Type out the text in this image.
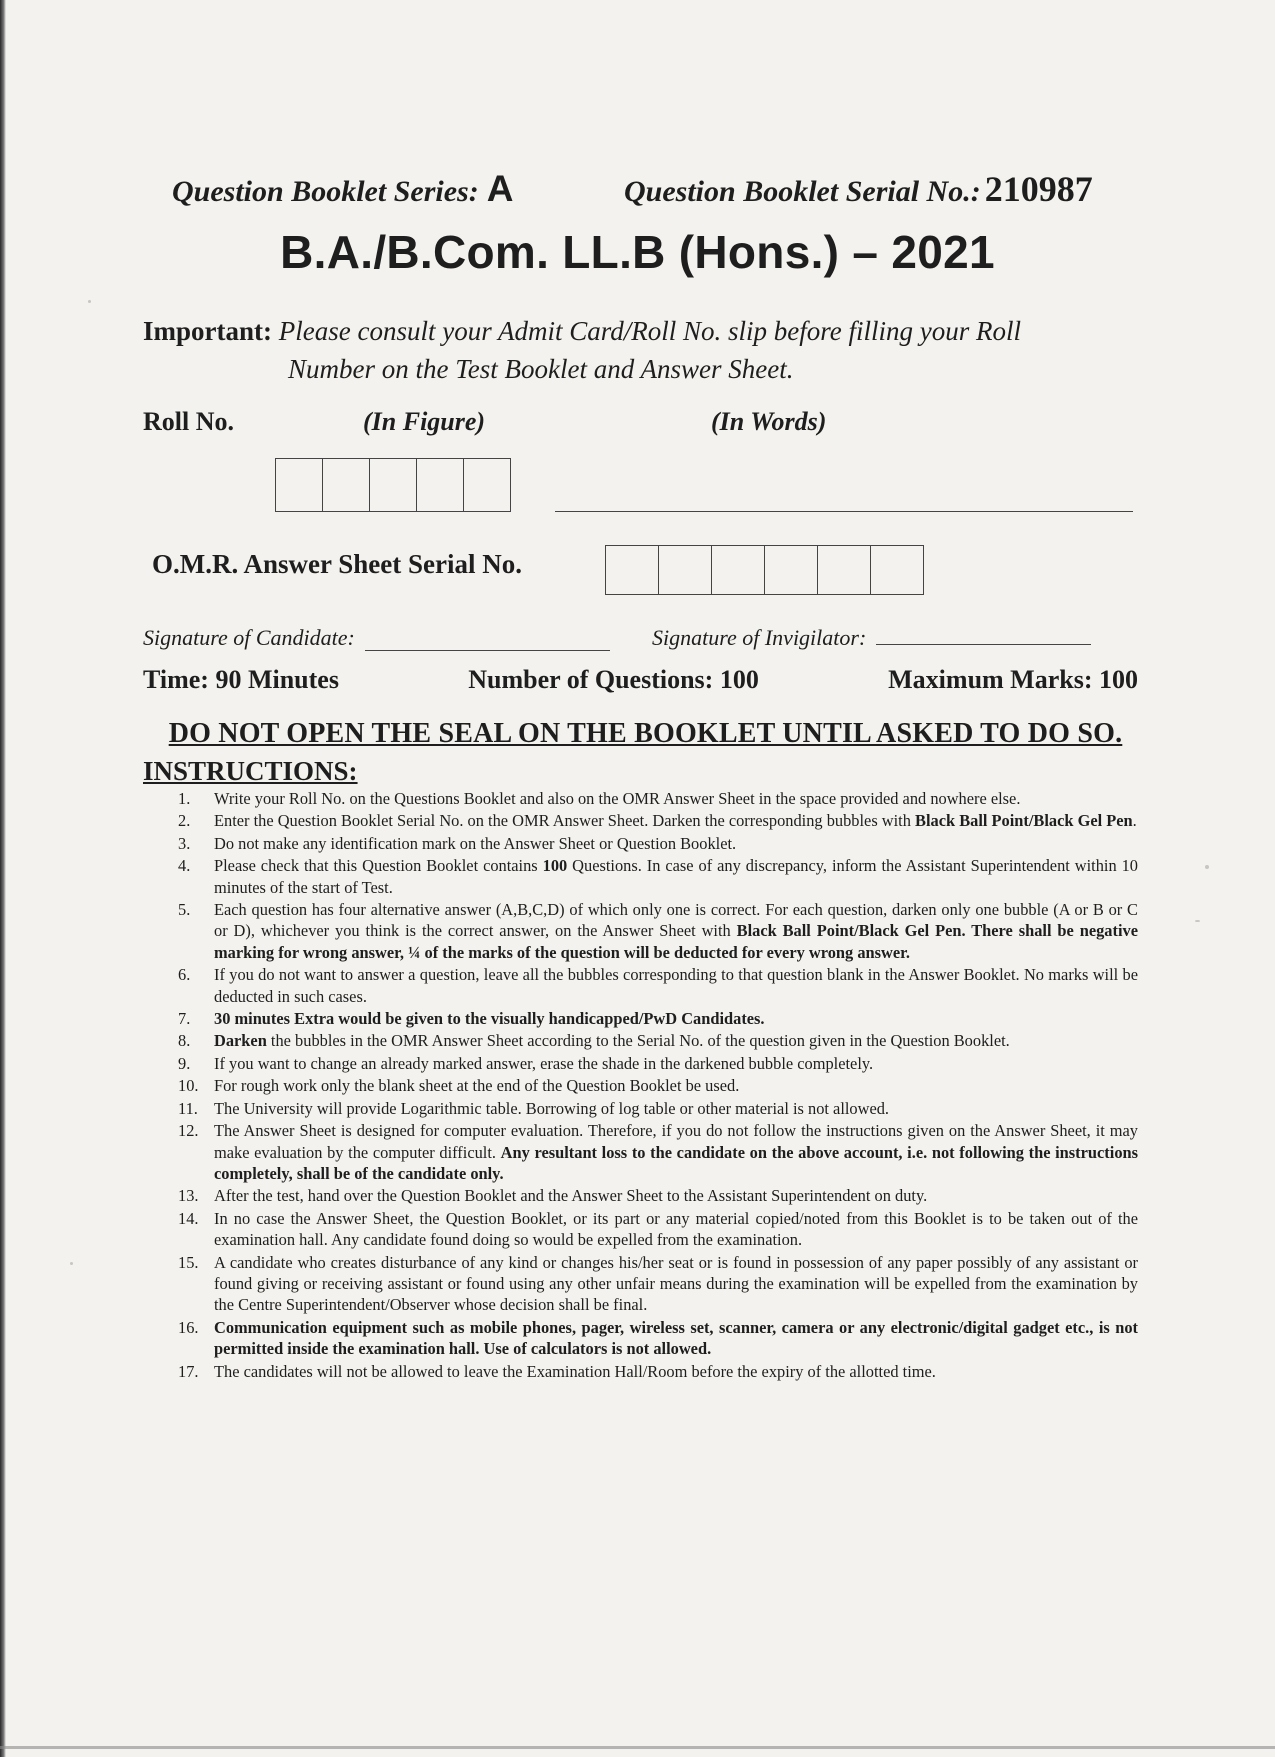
Question Booklet Series: A	Question Booklet Serial No.: 210987
B.A./B.Com. LL.B (Hons.) – 2021
Important: Please consult your Admit Card/Roll No. slip before filling your Roll
Number on the Test Booklet and Answer Sheet.
Roll No.	(In Figure)	(In Words)
O.M.R. Answer Sheet Serial No.
Signature of Candidate:	Signature of Invigilator:
Time: 90 Minutes	Number of Questions: 100	Maximum Marks: 100
DO NOT OPEN THE SEAL ON THE BOOKLET UNTIL ASKED TO DO SO.
INSTRUCTIONS:
1.	Write your Roll No. on the Questions Booklet and also on the OMR Answer Sheet in the space provided and nowhere else.
2.	Enter the Question Booklet Serial No. on the OMR Answer Sheet. Darken the corresponding bubbles with Black Ball Point/Black Gel Pen.
3.	Do not make any identification mark on the Answer Sheet or Question Booklet.
4.	Please check that this Question Booklet contains 100 Questions. In case of any discrepancy, inform the Assistant Superintendent within 10 minutes of the start of Test.
5.	Each question has four alternative answer (A,B,C,D) of which only one is correct. For each question, darken only one bubble (A or B or C or D), whichever you think is the correct answer, on the Answer Sheet with Black Ball Point/Black Gel Pen. There shall be negative marking for wrong answer, ¼ of the marks of the question will be deducted for every wrong answer.
6.	If you do not want to answer a question, leave all the bubbles corresponding to that question blank in the Answer Booklet. No marks will be deducted in such cases.
7.	30 minutes Extra would be given to the visually handicapped/PwD Candidates.
8.	Darken the bubbles in the OMR Answer Sheet according to the Serial No. of the question given in the Question Booklet.
9.	If you want to change an already marked answer, erase the shade in the darkened bubble completely.
10. For rough work only the blank sheet at the end of the Question Booklet be used.
11. The University will provide Logarithmic table. Borrowing of log table or other material is not allowed.
12. The Answer Sheet is designed for computer evaluation. Therefore, if you do not follow the instructions given on the Answer Sheet, it may make evaluation by the computer difficult. Any resultant loss to the candidate on the above account, i.e. not following the instructions completely, shall be of the candidate only.
13. After the test, hand over the Question Booklet and the Answer Sheet to the Assistant Superintendent on duty.
14. In no case the Answer Sheet, the Question Booklet, or its part or any material copied/noted from this Booklet is to be taken out of the examination hall. Any candidate found doing so would be expelled from the examination.
15. A candidate who creates disturbance of any kind or changes his/her seat or is found in possession of any paper possibly of any assistant or found giving or receiving assistant or found using any other unfair means during the examination will be expelled from the examination by the Centre Superintendent/Observer whose decision shall be final.
16. Communication equipment such as mobile phones, pager, wireless set, scanner, camera or any electronic/digital gadget etc., is not permitted inside the examination hall. Use of calculators is not allowed.
17. The candidates will not be allowed to leave the Examination Hall/Room before the expiry of the allotted time.
